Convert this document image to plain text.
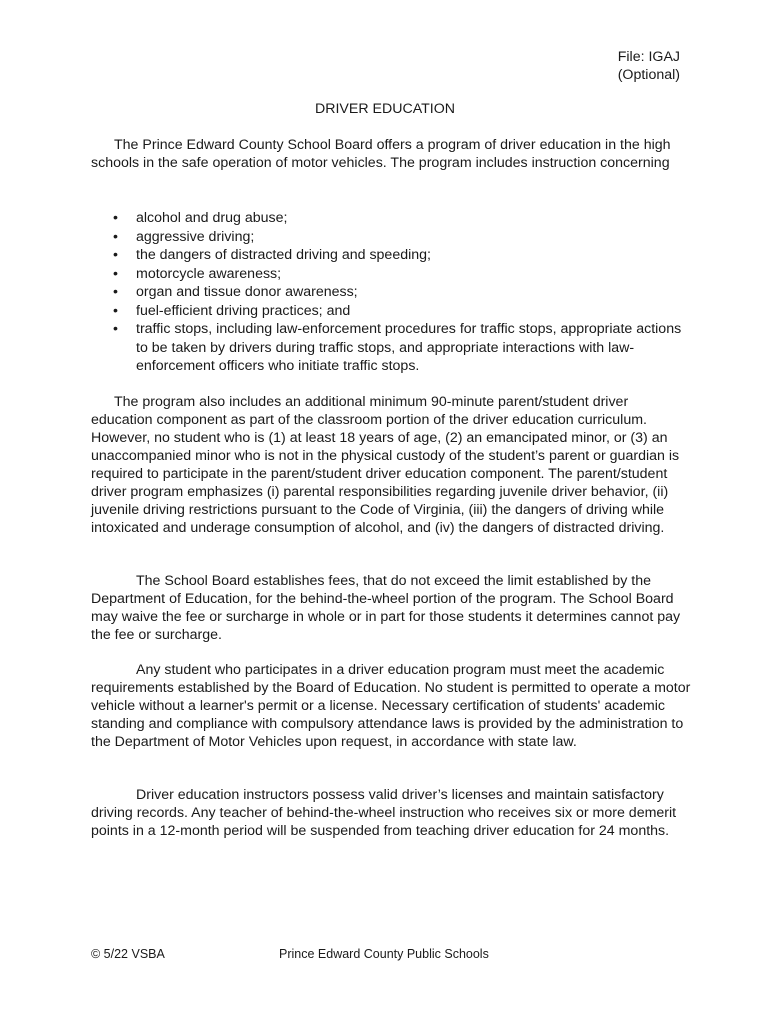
File: IGAJ
(Optional)
DRIVER EDUCATION

The Prince Edward County School Board offers a program of driver education in the high schools in the safe operation of motor vehicles. The program includes instruction concerning

• alcohol and drug abuse;
• aggressive driving;
• the dangers of distracted driving and speeding;
• motorcycle awareness;
• organ and tissue donor awareness;
• fuel-efficient driving practices; and
• traffic stops, including law-enforcement procedures for traffic stops, appropriate actions to be taken by drivers during traffic stops, and appropriate interactions with law-enforcement officers who initiate traffic stops.

The program also includes an additional minimum 90-minute parent/student driver education component as part of the classroom portion of the driver education curriculum. However, no student who is (1) at least 18 years of age, (2) an emancipated minor, or (3) an unaccompanied minor who is not in the physical custody of the student’s parent or guardian is required to participate in the parent/student driver education component. The parent/student driver program emphasizes (i) parental responsibilities regarding juvenile driver behavior, (ii) juvenile driving restrictions pursuant to the Code of Virginia, (iii) the dangers of driving while intoxicated and underage consumption of alcohol, and (iv) the dangers of distracted driving.

The School Board establishes fees, that do not exceed the limit established by the Department of Education, for the behind-the-wheel portion of the program. The School Board may waive the fee or surcharge in whole or in part for those students it determines cannot pay the fee or surcharge.

Any student who participates in a driver education program must meet the academic requirements established by the Board of Education. No student is permitted to operate a motor vehicle without a learner's permit or a license. Necessary certification of students' academic standing and compliance with compulsory attendance laws is provided by the administration to the Department of Motor Vehicles upon request, in accordance with state law.

Driver education instructors possess valid driver’s licenses and maintain satisfactory driving records. Any teacher of behind-the-wheel instruction who receives six or more demerit points in a 12-month period will be suspended from teaching driver education for 24 months.

© 5/22 VSBA	Prince Edward County Public Schools
